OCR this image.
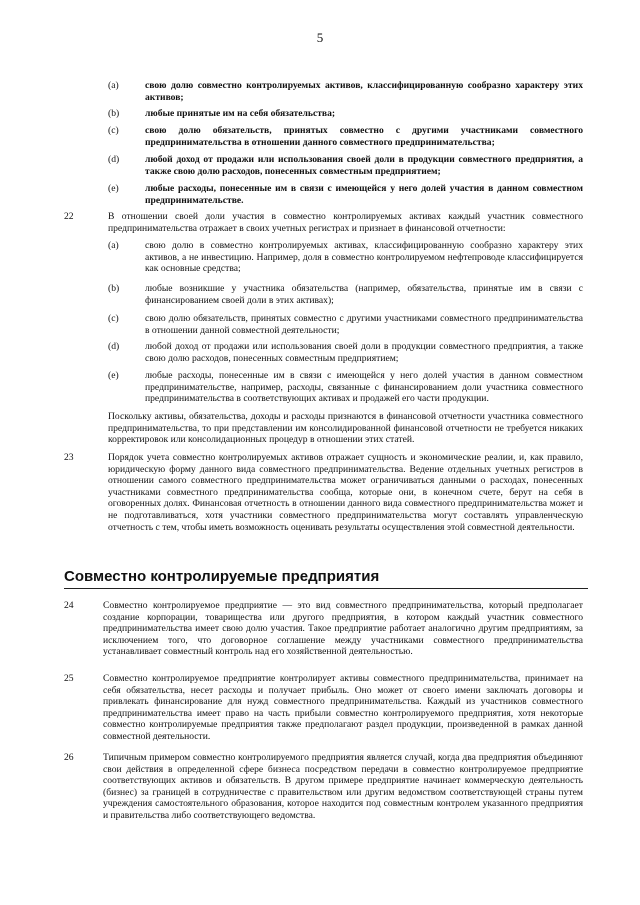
5
(a)	свою долю совместно контролируемых активов, классифицированную сообразно характеру этих активов;
(b)	любые принятые им на себя обязательства;
(c)	свою долю обязательств, принятых совместно с другими участниками совместного предпринимательства в отношении данного совместного предпринимательства;
(d)	любой доход от продажи или использования своей доли в продукции совместного предприятия, а также свою долю расходов, понесенных совместным предприятием;
(e)	любые расходы, понесенные им в связи с имеющейся у него долей участия в данном совместном предпринимательстве.
22	В отношении своей доли участия в совместно контролируемых активах каждый участник совместного предпринимательства отражает в своих учетных регистрах и признает в финансовой отчетности:
(a)	свою долю в совместно контролируемых активах, классифицированную сообразно характеру этих активов, а не инвестицию. Например, доля в совместно контролируемом нефтепроводе классифицируется как основные средства;
(b)	любые возникшие у участника обязательства (например, обязательства, принятые им в связи с финансированием своей доли в этих активах);
(c)	свою долю обязательств, принятых совместно с другими участниками совместного предпринимательства в отношении данной совместной деятельности;
(d)	любой доход от продажи или использования своей доли в продукции совместного предприятия, а также свою долю расходов, понесенных совместным предприятием;
(e)	любые расходы, понесенные им в связи с имеющейся у него долей участия в данном совместном предпринимательстве, например, расходы, связанные с финансированием доли участника совместного предпринимательства в соответствующих активах и продажей его части продукции.
Поскольку активы, обязательства, доходы и расходы признаются в финансовой отчетности участника совместного предпринимательства, то при представлении им консолидированной финансовой отчетности не требуется никаких корректировок или консолидационных процедур в отношении этих статей.
23	Порядок учета совместно контролируемых активов отражает сущность и экономические реалии, и, как правило, юридическую форму данного вида совместного предпринимательства. Ведение отдельных учетных регистров в отношении самого совместного предпринимательства может ограничиваться данными о расходах, понесенных участниками совместного предпринимательства сообща, которые они, в конечном счете, берут на себя в оговоренных долях. Финансовая отчетность в отношении данного вида совместного предпринимательства может и не подготавливаться, хотя участники совместного предпринимательства могут составлять управленческую отчетность с тем, чтобы иметь возможность оценивать результаты осуществления этой совместной деятельности.
Совместно контролируемые предприятия
24	Совместно контролируемое предприятие — это вид совместного предпринимательства, который предполагает создание корпорации, товарищества или другого предприятия, в котором каждый участник совместного предпринимательства имеет свою долю участия. Такое предприятие работает аналогично другим предприятиям, за исключением того, что договорное соглашение между участниками совместного предпринимательства устанавливает совместный контроль над его хозяйственной деятельностью.
25	Совместно контролируемое предприятие контролирует активы совместного предпринимательства, принимает на себя обязательства, несет расходы и получает прибыль. Оно может от своего имени заключать договоры и привлекать финансирование для нужд совместного предпринимательства. Каждый из участников совместного предпринимательства имеет право на часть прибыли совместно контролируемого предприятия, хотя некоторые совместно контролируемые предприятия также предполагают раздел продукции, произведенной в рамках данной совместной деятельности.
26	Типичным примером совместно контролируемого предприятия является случай, когда два предприятия объединяют свои действия в определенной сфере бизнеса посредством передачи в совместно контролируемое предприятие соответствующих активов и обязательств. В другом примере предприятие начинает коммерческую деятельность (бизнес) за границей в сотрудничестве с правительством или другим ведомством соответствующей страны путем учреждения самостоятельного образования, которое находится под совместным контролем указанного предприятия и правительства либо соответствующего ведомства.
